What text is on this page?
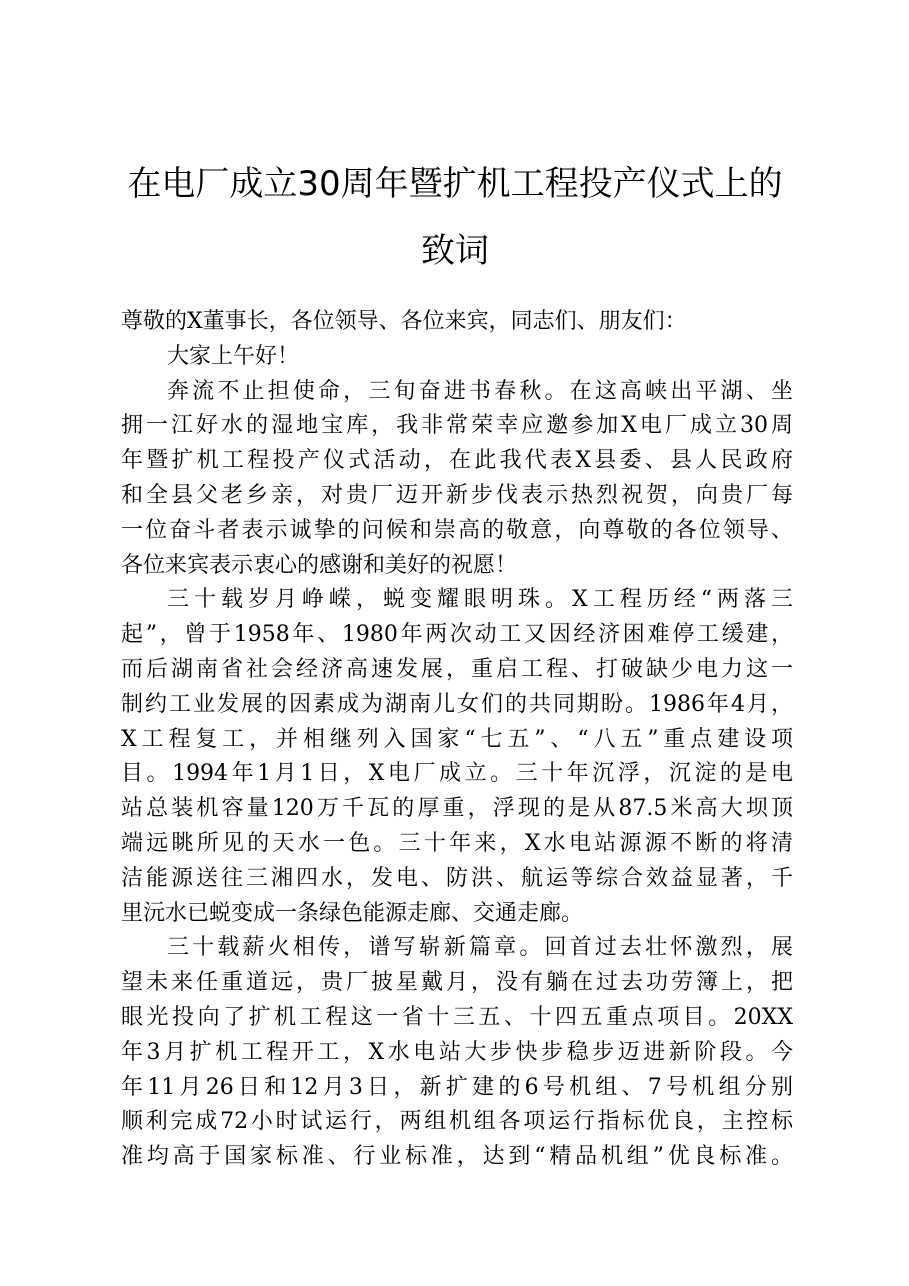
在电厂成立30周年暨扩机工程投产仪式上的
致词
尊敬的X董事长，各位领导、各位来宾，同志们、朋友们：
大家上午好！
奔流不止担使命，三旬奋进书春秋。在这高峡出平湖、坐
拥一江好水的湿地宝库，我非常荣幸应邀参加X电厂成立30周
年暨扩机工程投产仪式活动，在此我代表X县委、县人民政府
和全县父老乡亲，对贵厂迈开新步伐表示热烈祝贺，向贵厂每
一位奋斗者表示诚挚的问候和崇高的敬意，向尊敬的各位领导、
各位来宾表示衷心的感谢和美好的祝愿！
三十载岁月峥嵘，蜕变耀眼明珠。X工程历经“两落三
起”，曾于1958年、1980年两次动工又因经济困难停工缓建，
而后湖南省社会经济高速发展，重启工程、打破缺少电力这一
制约工业发展的因素成为湖南儿女们的共同期盼。1986年4月，
X工程复工，并相继列入国家“七五”、“八五”重点建设项
目。1994年1月1日，X电厂成立。三十年沉浮，沉淀的是电
站总装机容量120万千瓦的厚重，浮现的是从87.5米高大坝顶
端远眺所见的天水一色。三十年来，X水电站源源不断的将清
洁能源送往三湘四水，发电、防洪、航运等综合效益显著，千
里沅水已蜕变成一条绿色能源走廊、交通走廊。
三十载薪火相传，谱写崭新篇章。回首过去壮怀激烈，展
望未来任重道远，贵厂披星戴月，没有躺在过去功劳簿上，把
眼光投向了扩机工程这一省十三五、十四五重点项目。20XX
年3月扩机工程开工，X水电站大步快步稳步迈进新阶段。今
年11月26日和12月3日，新扩建的6号机组、7号机组分别
顺利完成72小时试运行，两组机组各项运行指标优良，主控标
准均高于国家标准、行业标准，达到“精品机组”优良标准。
